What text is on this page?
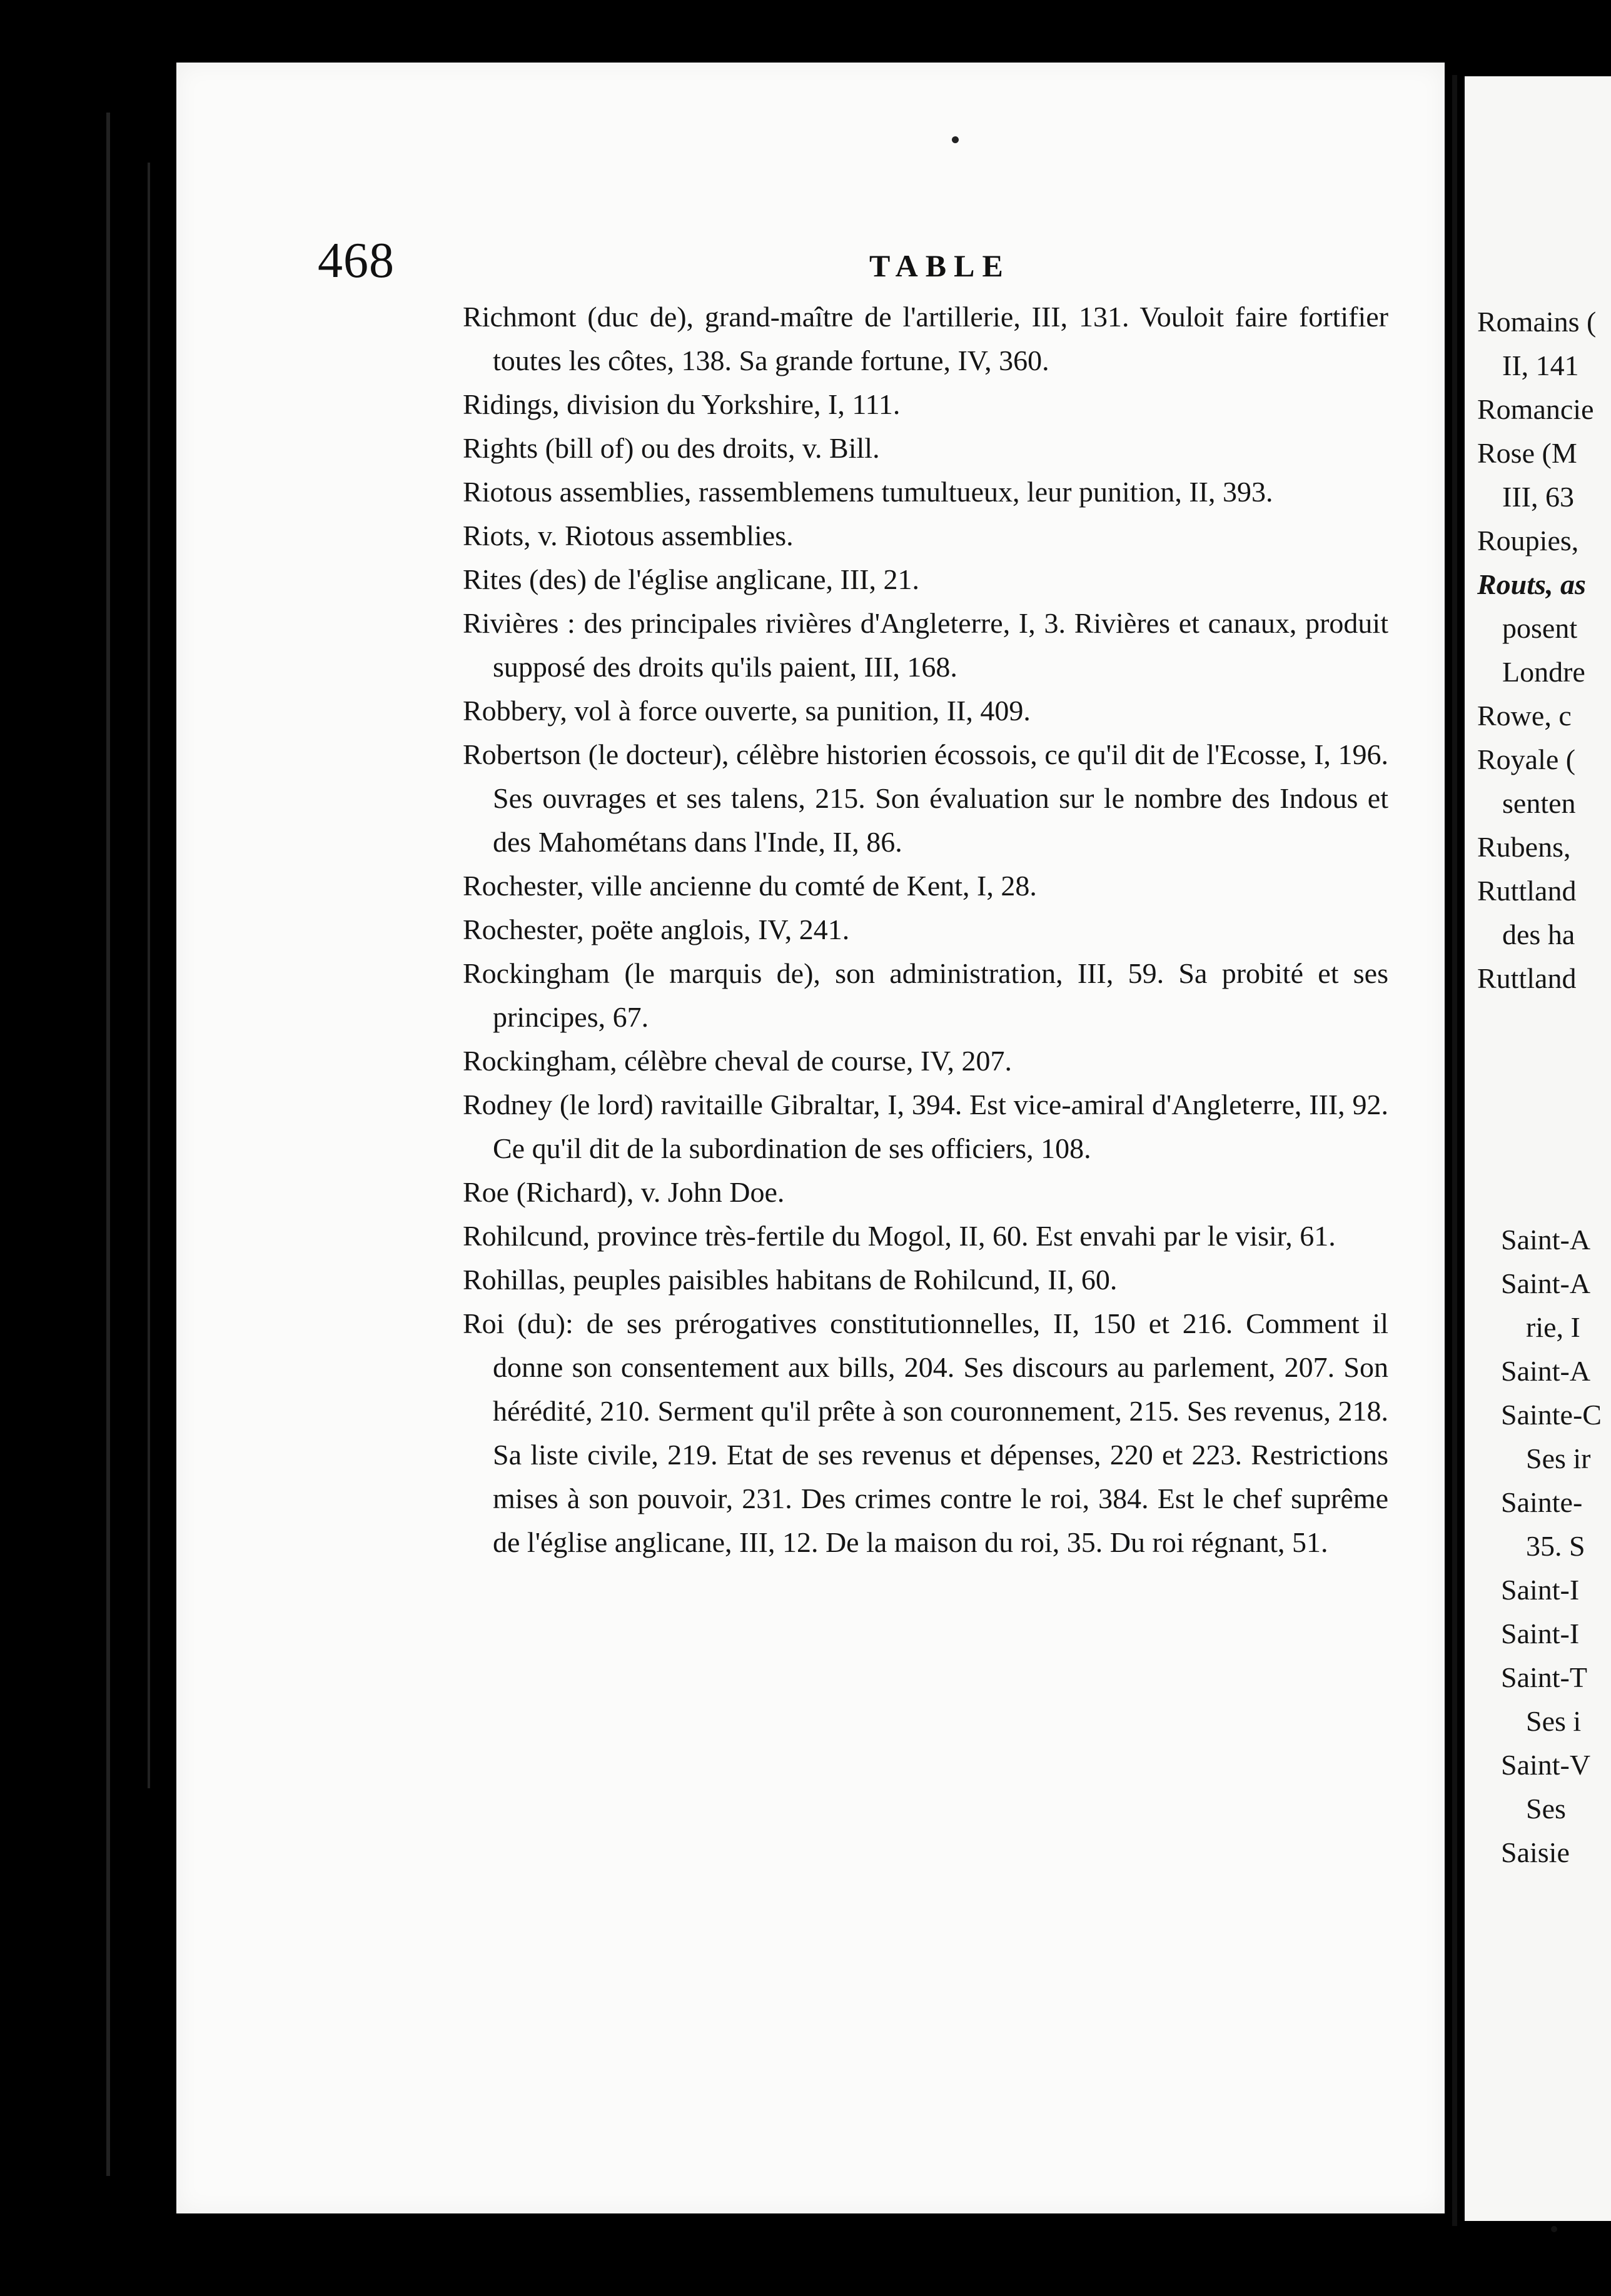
468	TABLE

Richmont (duc de), grand-maître de l'artillerie, III, 131. Vouloit faire fortifier toutes les côtes, 138. Sa grande fortune, IV, 360.

Ridings, division du Yorkshire, I, 111.

Rights (bill of) ou des droits, v. Bill.

Riotous assemblies, rassemblemens tumultueux, leur punition, II, 393.

Riots, v. Riotous assemblies.

Rites (des) de l'église anglicane, III, 21.

Rivières : des principales rivières d'Angleterre, I, 3. Rivières et canaux, produit supposé des droits qu'ils paient, III, 168.

Robbery, vol à force ouverte, sa punition, II, 409.

Robertson (le docteur), célèbre historien écossois, ce qu'il dit de l'Ecosse, I, 196. Ses ouvrages et ses talens, 215. Son évaluation sur le nombre des Indous et des Mahométans dans l'Inde, II, 86.

Rochester, ville ancienne du comté de Kent, I, 28.

Rochester, poëte anglois, IV, 241.

Rockingham (le marquis de), son administration, III, 59. Sa probité et ses principes, 67.

Rockingham, célèbre cheval de course, IV, 207.

Rodney (le lord) ravitaille Gibraltar, I, 394. Est vice-amiral d'Angleterre, III, 92. Ce qu'il dit de la subordination de ses officiers, 108.

Roe (Richard), v. John Doe.

Rohilcund, province très-fertile du Mogol, II, 60. Est envahi par le visir, 61.

Rohillas, peuples paisibles habitans de Rohilcund, II, 60.

Roi (du): de ses prérogatives constitutionnelles, II, 150 et 216. Comment il donne son consentement aux bills, 204. Ses discours au parlement, 207. Son hérédité, 210. Serment qu'il prête à son couronnement, 215. Ses revenus, 218. Sa liste civile, 219. Etat de ses revenus et dépenses, 220 et 223. Restrictions mises à son pouvoir, 231. Des crimes contre le roi, 384. Est le chef suprême de l'église anglicane, III, 12. De la maison du roi, 35. Du roi régnant, 51.

Romains (
II, 141
Romancie
Rose (M
III, 63
Roupies,
Routs, as
posent
Londre
Rowe, c
Royale (
senten
Rubens,
Ruttland
des ha
Ruttland
Saint-A
Saint-A
rie, I
Saint-A
Sainte-C
Ses ir
Sainte-
35. S
Saint-I
Saint-I
Saint-T
Ses i
Saint-V
Ses
Saisie
